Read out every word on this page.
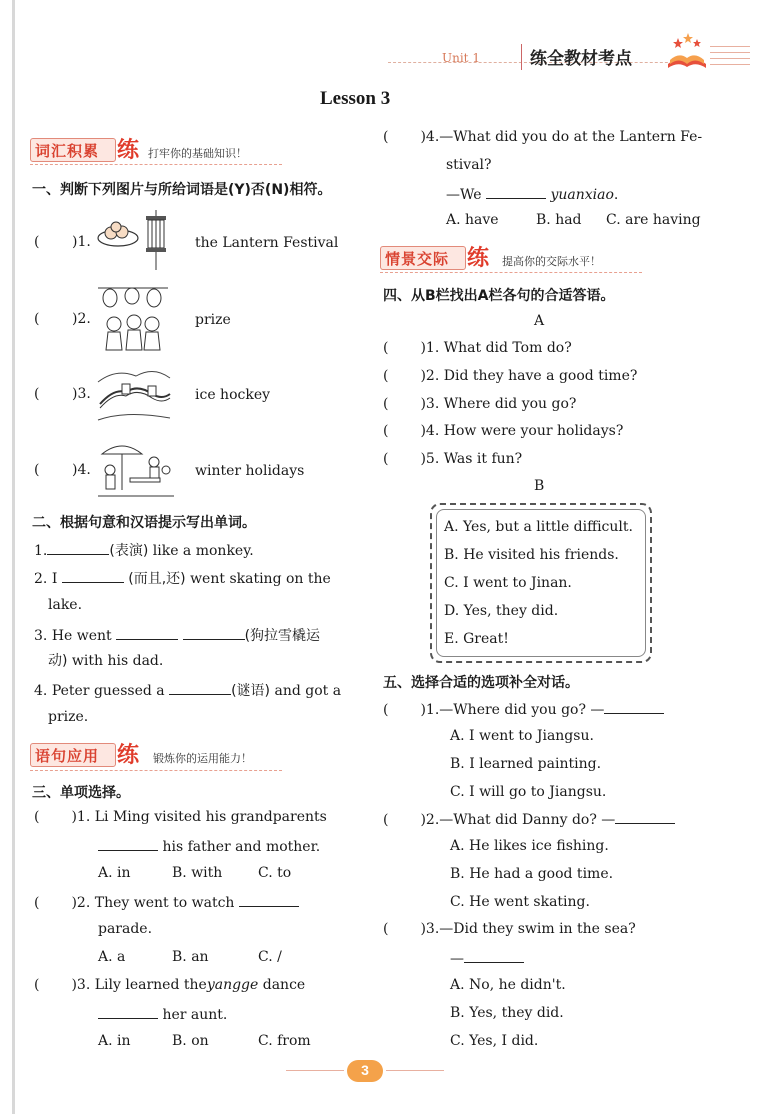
Unit 1	练全教材考点
Lesson 3
词汇积累 练 打牢你的基础知识！
一、判断下列图片与所给词语是(Y)否(N)相符。
( )1.	the Lantern Festival
( )2.	prize
( )3.	ice hockey
( )4.	winter holidays
二、根据句意和汉语提示写出单词。
1.	(表演) like a monkey.
2. I	(而且,还) went skating on the
lake.
3. He went	(狗拉雪橇运
动) with his dad.
4. Peter guessed a	(谜语) and got a
prize.
语句应用 练 锻炼你的运用能力！
三、单项选择。
( )1. Li Ming visited his grandparents
his father and mother.
A. in	B. with	C. to
( )2. They went to watch
parade.
A. a	B. an	C. /
( )3. Lily learned theyangge dance
her aunt.
A. in	B. on	C. from
( )4.—What did you do at the Lantern Fe-
stival?
—We	yuanxiao.
A. have	B. had C. are having
情景交际 练 提高你的交际水平！
四、从B栏找出A栏各句的合适答语。
A
( )1. What did Tom do?
( )2. Did they have a good time?
( )3. Where did you go?
( )4. How were your holidays?
( )5. Was it fun?
B
A. Yes, but a little difficult.
B. He visited his friends.
C. I went to Jinan.
D. Yes, they did.
E. Great!
五、选择合适的选项补全对话。
( )1.—Where did you go? —
A. I went to Jiangsu.
B. I learned painting.
C. I will go to Jiangsu.
( )2.—What did Danny do? —
A. He likes ice fishing.
B. He had a good time.
C. He went skating.
( )3.—Did they swim in the sea?
—
A. No, he didn't.
B. Yes, they did.
C. Yes, I did.
3
